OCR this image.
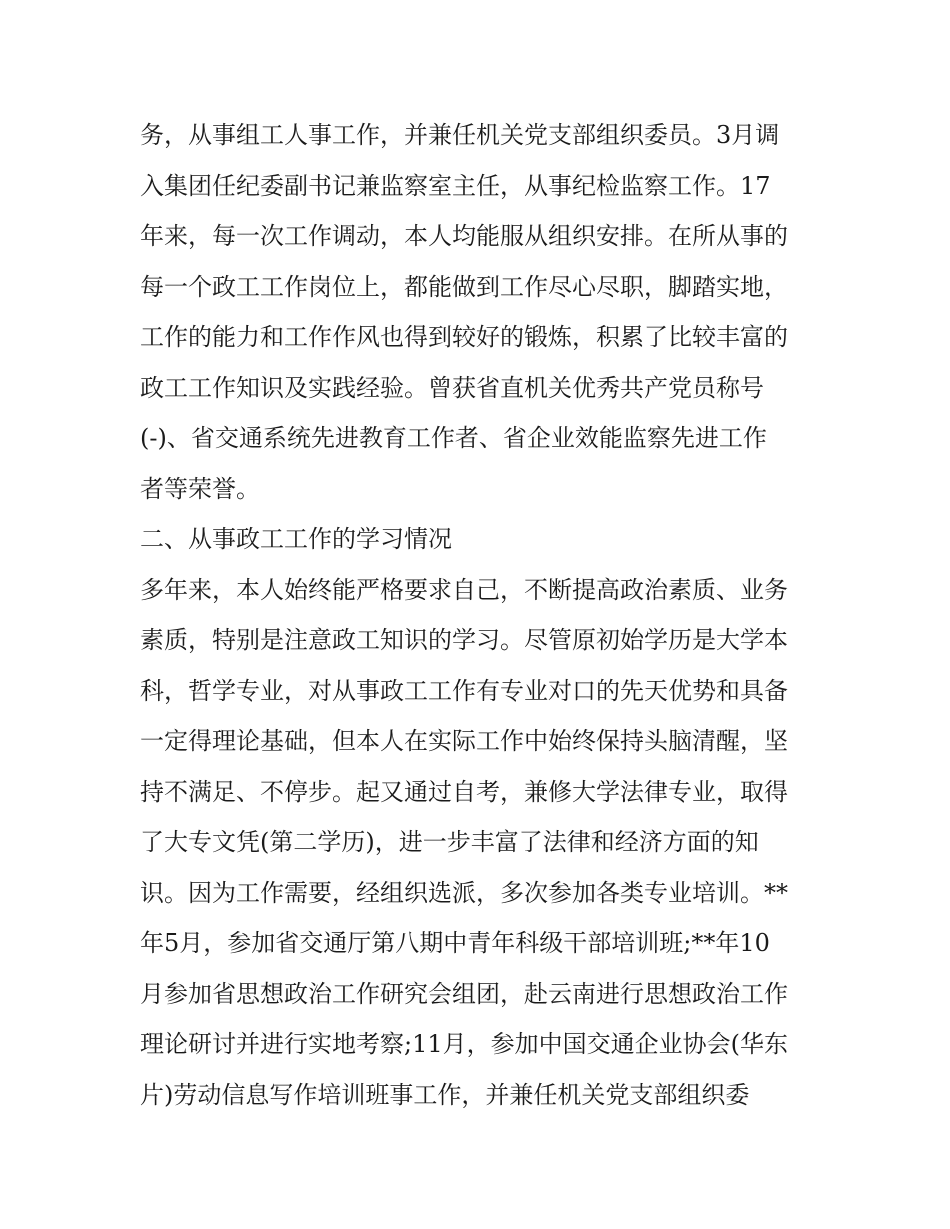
务，从事组工人事工作，并兼任机关党支部组织委员。3月调
入集团任纪委副书记兼监察室主任，从事纪检监察工作。17
年来，每一次工作调动，本人均能服从组织安排。在所从事的
每一个政工工作岗位上，都能做到工作尽心尽职，脚踏实地，
工作的能力和工作作风也得到较好的锻炼，积累了比较丰富的
政工工作知识及实践经验。曾获省直机关优秀共产党员称号
(-)、省交通系统先进教育工作者、省企业效能监察先进工作
者等荣誉。
二、从事政工工作的学习情况
多年来，本人始终能严格要求自己，不断提高政治素质、业务
素质，特别是注意政工知识的学习。尽管原初始学历是大学本
科，哲学专业，对从事政工工作有专业对口的先天优势和具备
一定得理论基础，但本人在实际工作中始终保持头脑清醒，坚
持不满足、不停步。起又通过自考，兼修大学法律专业，取得
了大专文凭(第二学历)，进一步丰富了法律和经济方面的知
识。因为工作需要，经组织选派，多次参加各类专业培训。**
年5月，参加省交通厅第八期中青年科级干部培训班;**年10
月参加省思想政治工作研究会组团，赴云南进行思想政治工作
理论研讨并进行实地考察;11月，参加中国交通企业协会(华东
片)劳动信息写作培训班事工作，并兼任机关党支部组织委
